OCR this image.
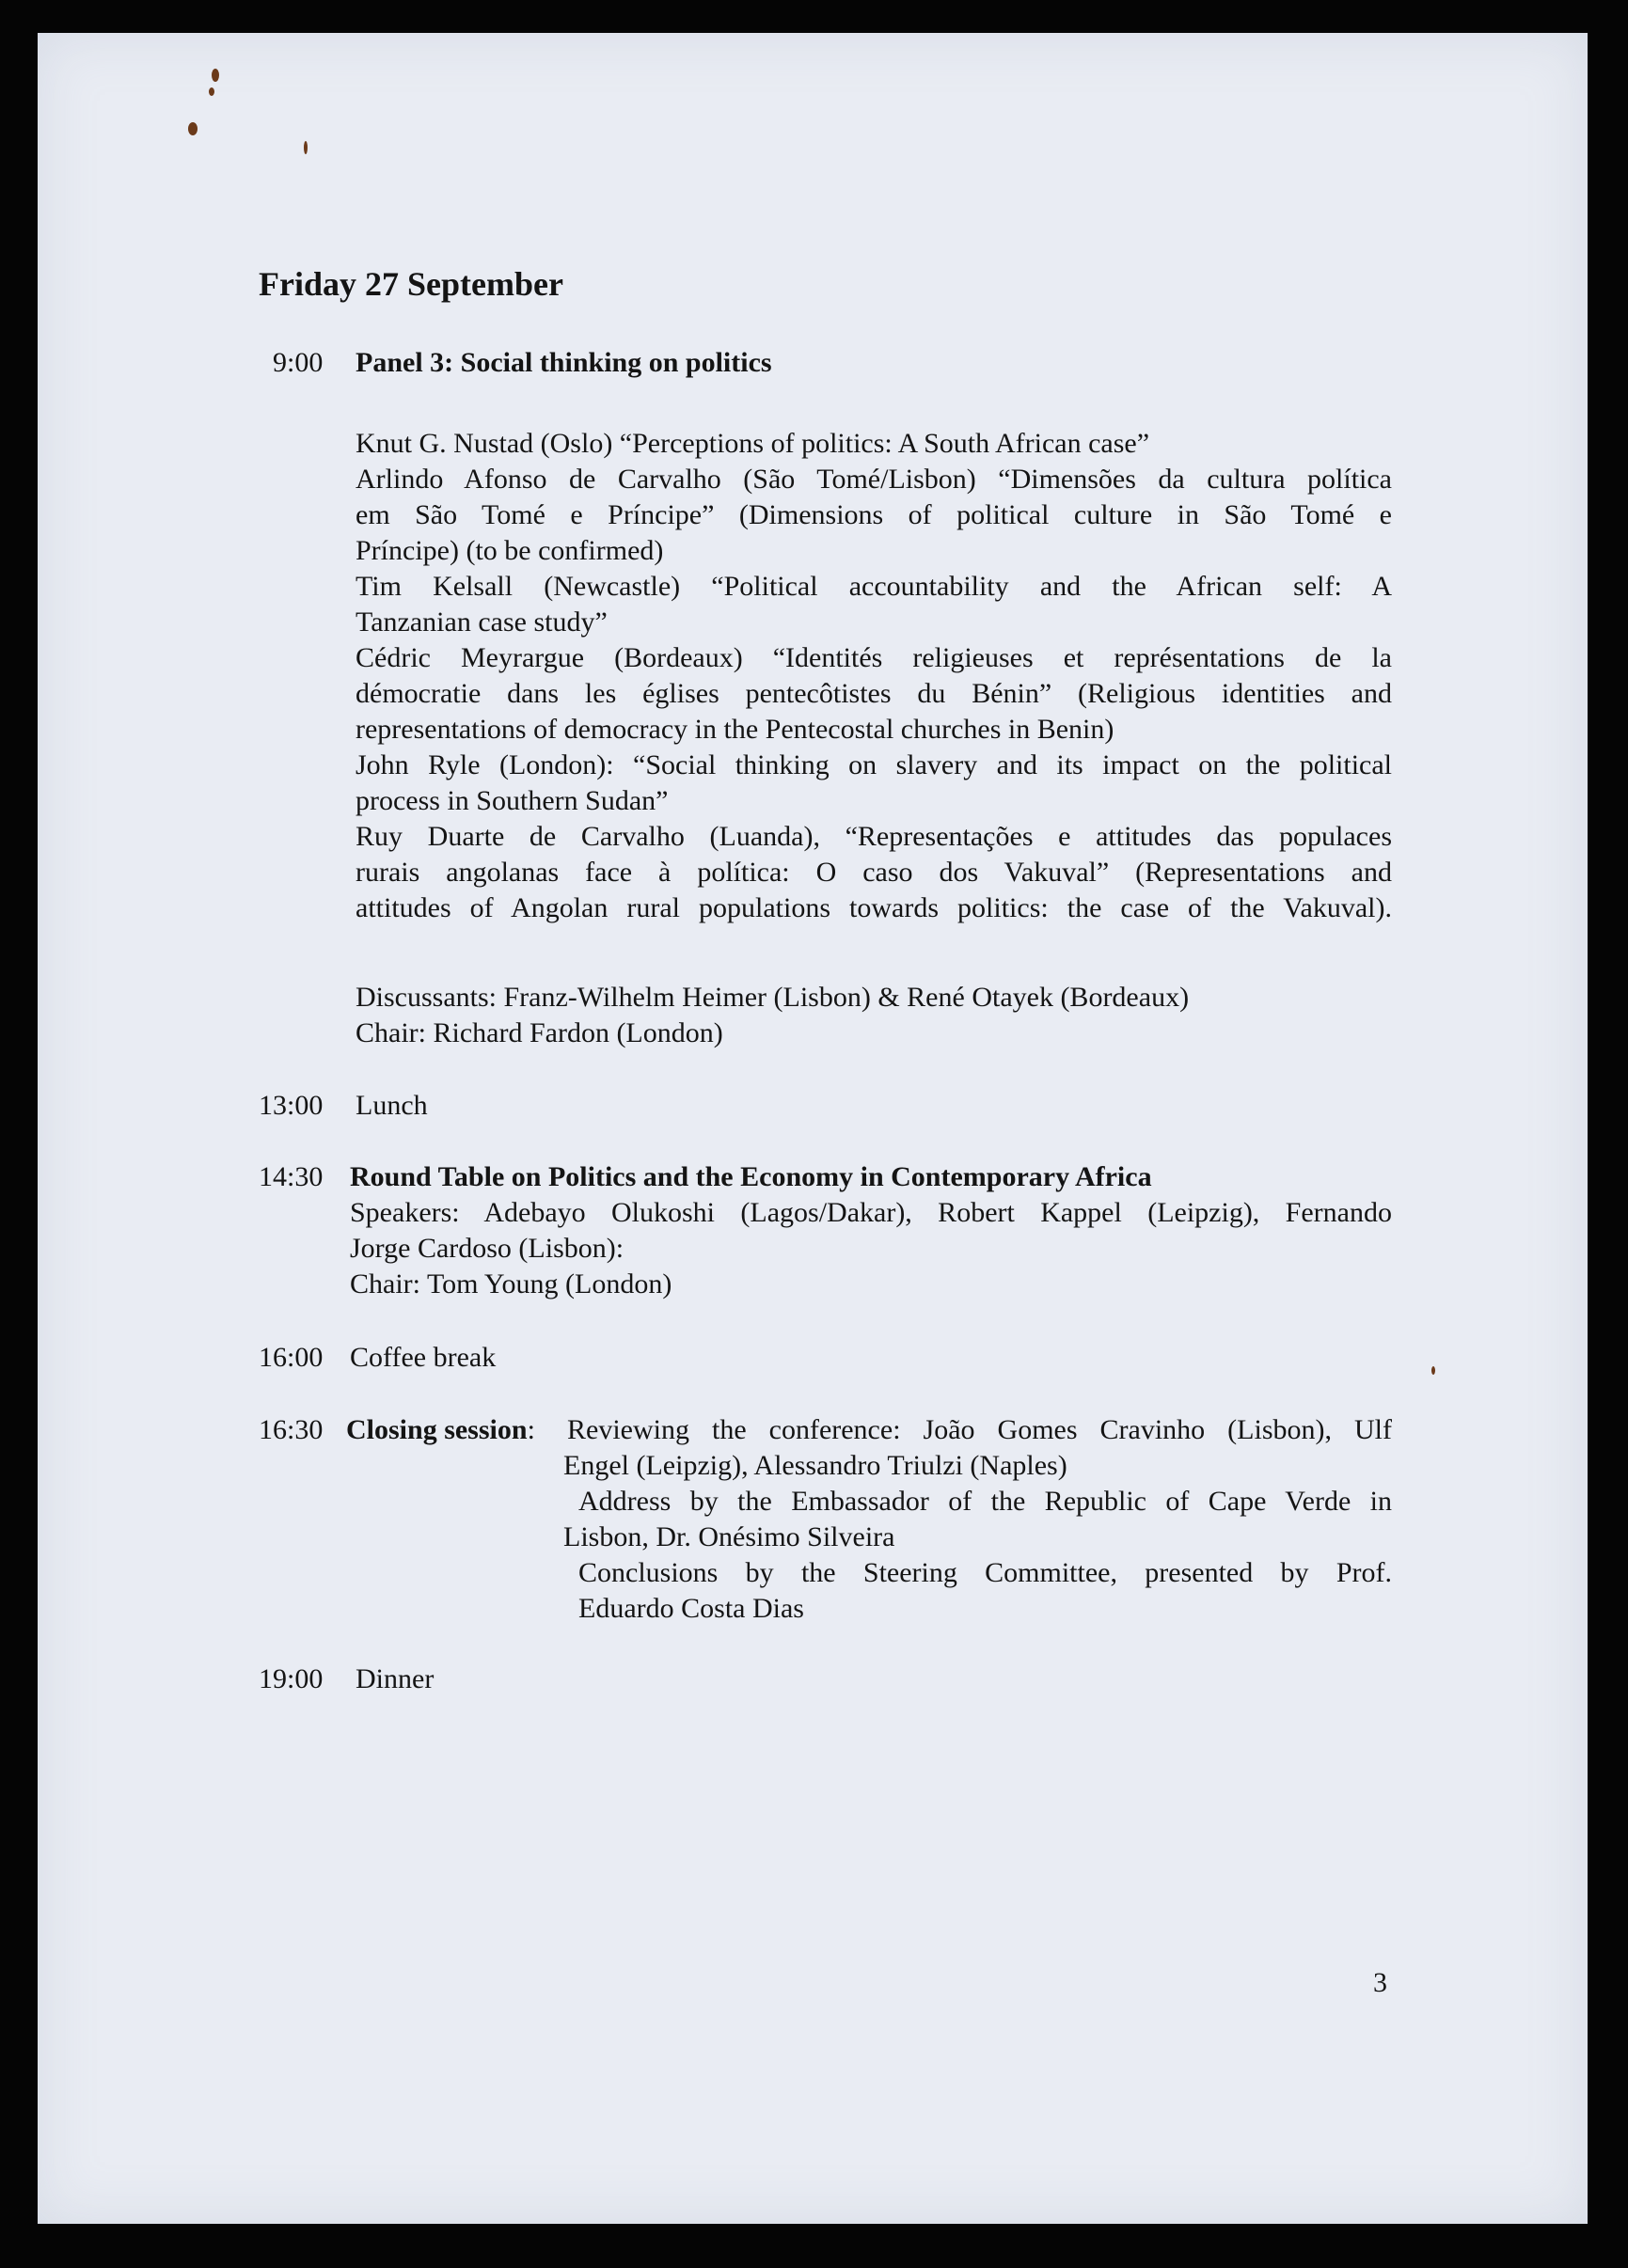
Friday 27 September
9:00 Panel 3: Social thinking on politics
Knut G. Nustad (Oslo) “Perceptions of politics: A South African case”
Arlindo Afonso de Carvalho (São Tomé/Lisbon) “Dimensões da cultura política
em São Tomé e Príncipe” (Dimensions of political culture in São Tomé e
Príncipe) (to be confirmed)
Tim Kelsall (Newcastle) “Political accountability and the African self: A
Tanzanian case study”
Cédric Meyrargue (Bordeaux) “Identités religieuses et représentations de la
démocratie dans les églises pentecôtistes du Bénin” (Religious identities and
representations of democracy in the Pentecostal churches in Benin)
John Ryle (London): “Social thinking on slavery and its impact on the political
process in Southern Sudan”
Ruy Duarte de Carvalho (Luanda), “Representações e attitudes das populaces
rurais angolanas face à política: O caso dos Vakuval” (Representations and
attitudes of Angolan rural populations towards politics: the case of the Vakuval).
Discussants: Franz-Wilhelm Heimer (Lisbon) & René Otayek (Bordeaux)
Chair: Richard Fardon (London)
13:00 Lunch
14:30 Round Table on Politics and the Economy in Contemporary Africa
Speakers: Adebayo Olukoshi (Lagos/Dakar), Robert Kappel (Leipzig), Fernando
Jorge Cardoso (Lisbon):
Chair: Tom Young (London)
16:00 Coffee break
16:30 Closing session: Reviewing the conference: João Gomes Cravinho (Lisbon), Ulf
Engel (Leipzig), Alessandro Triulzi (Naples)
Address by the Embassador of the Republic of Cape Verde in
Lisbon, Dr. Onésimo Silveira
Conclusions by the Steering Committee, presented by Prof.
Eduardo Costa Dias
19:00 Dinner
3
